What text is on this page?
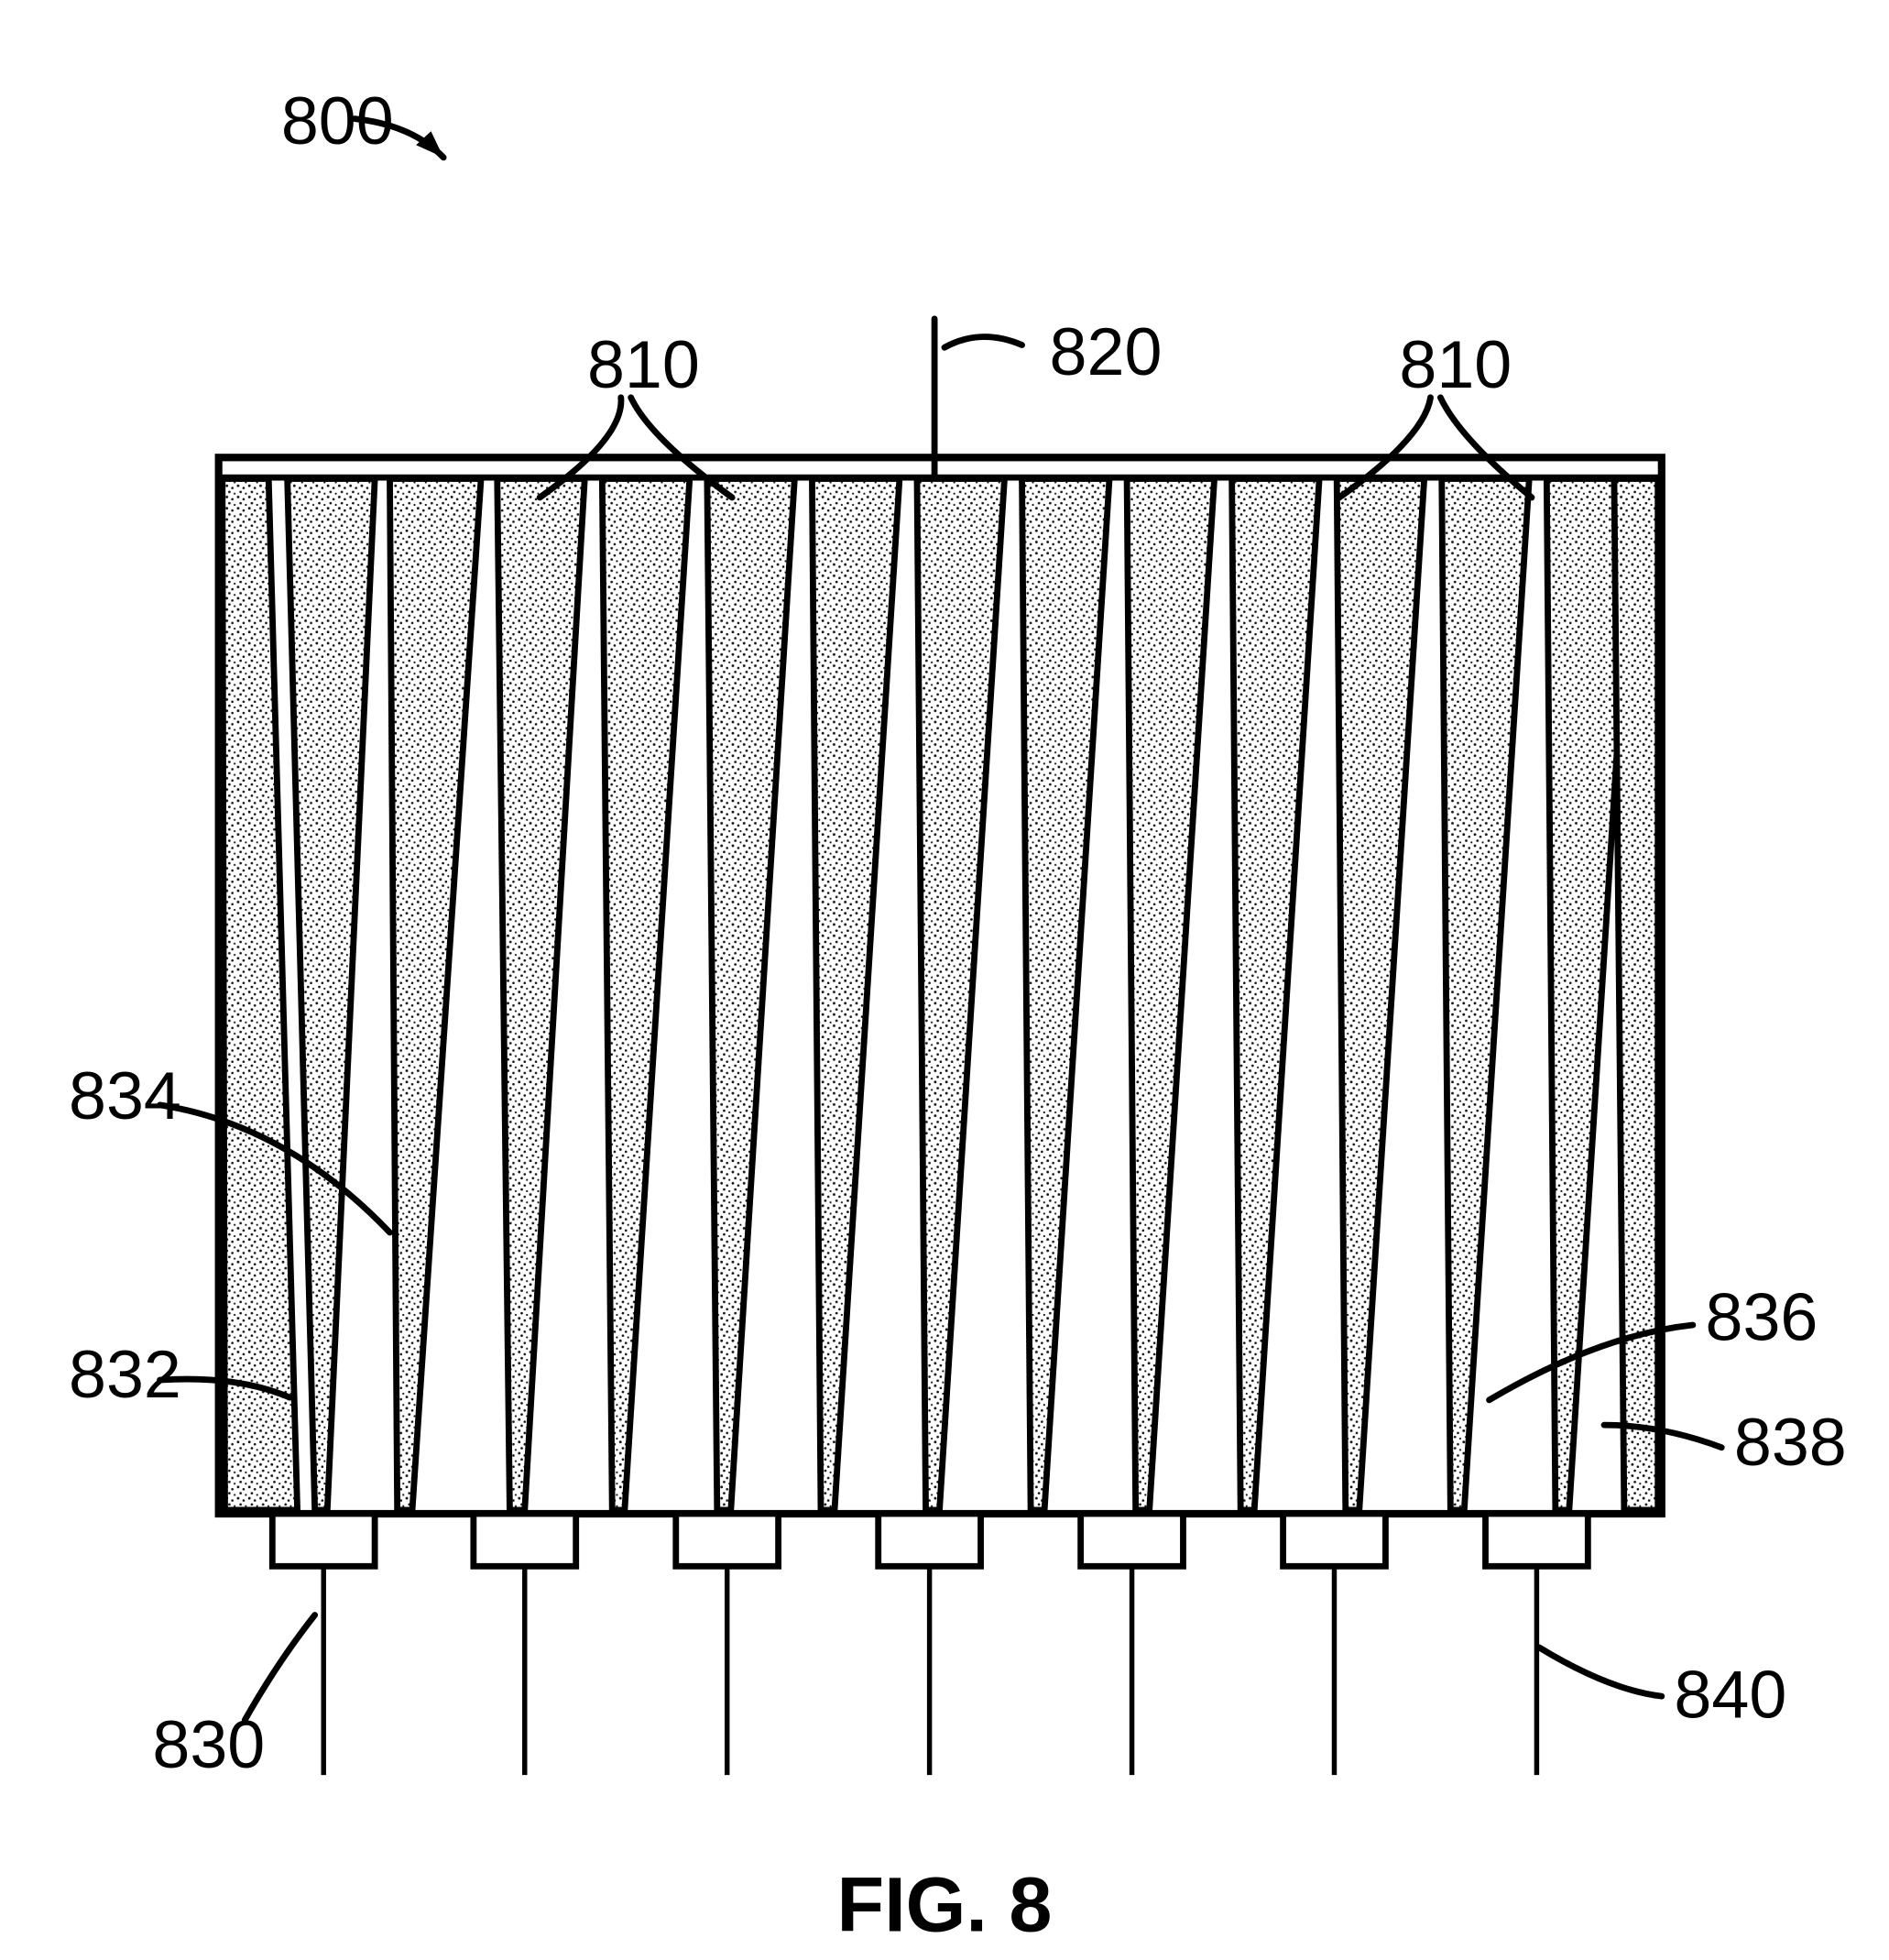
800
810	820	810
834
832
836
838
830
840
FIG. 8
